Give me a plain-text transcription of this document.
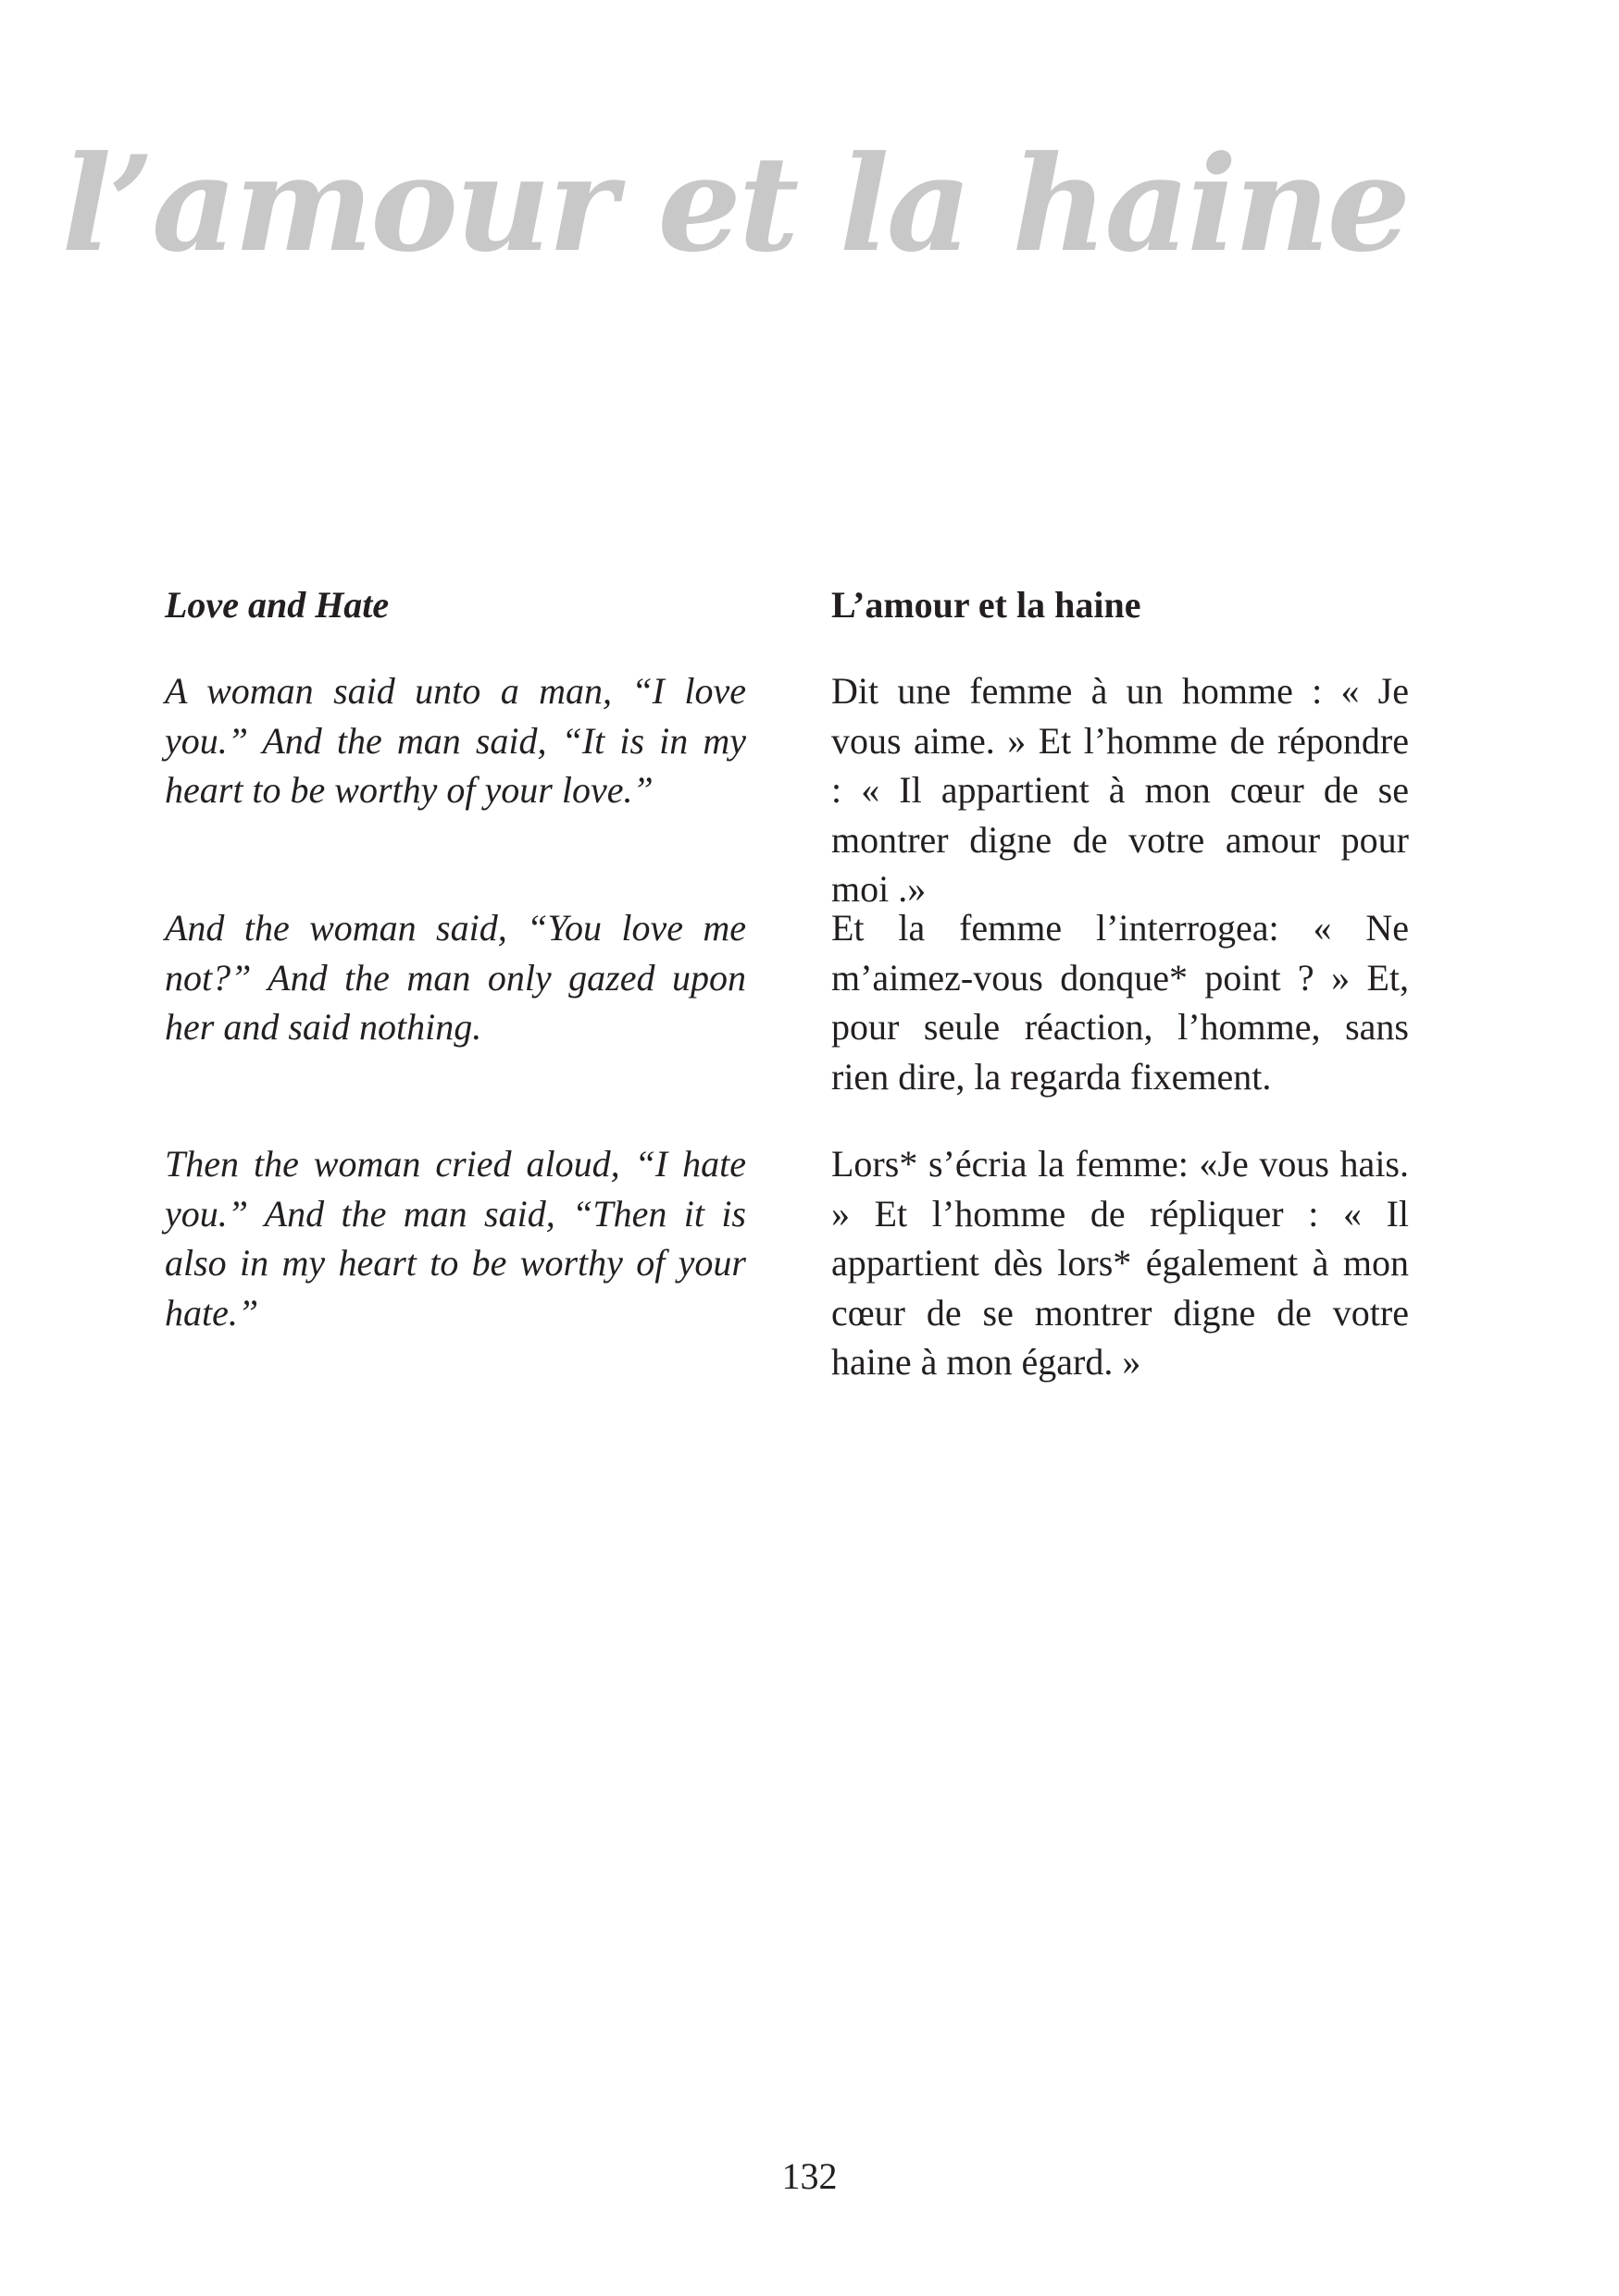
l’amour et la haine
Love and Hate

A woman said unto a man, “I love you.” And the man said, “It is in my heart to be worthy of your love.”

And the woman said, “You love me not?” And the man only gazed upon her and said nothing.

Then the woman cried aloud, “I hate you.” And the man said, “Then it is also in my heart to be worthy of your hate.”

L’amour et la haine

Dit une femme à un homme : « Je vous aime. » Et l’homme de répondre : « Il appartient à mon cœur de se montrer digne de votre amour pour moi .»

Et la femme l’interrogea: « Ne m’aimez-vous donque* point ? » Et, pour seule réaction, l’homme, sans rien dire, la regarda fixement.

Lors* s’écria la femme: «Je vous hais. » Et l’homme de répliquer : « Il appartient dès lors* également à mon cœur de se montrer digne de votre haine à mon égard. »

132
